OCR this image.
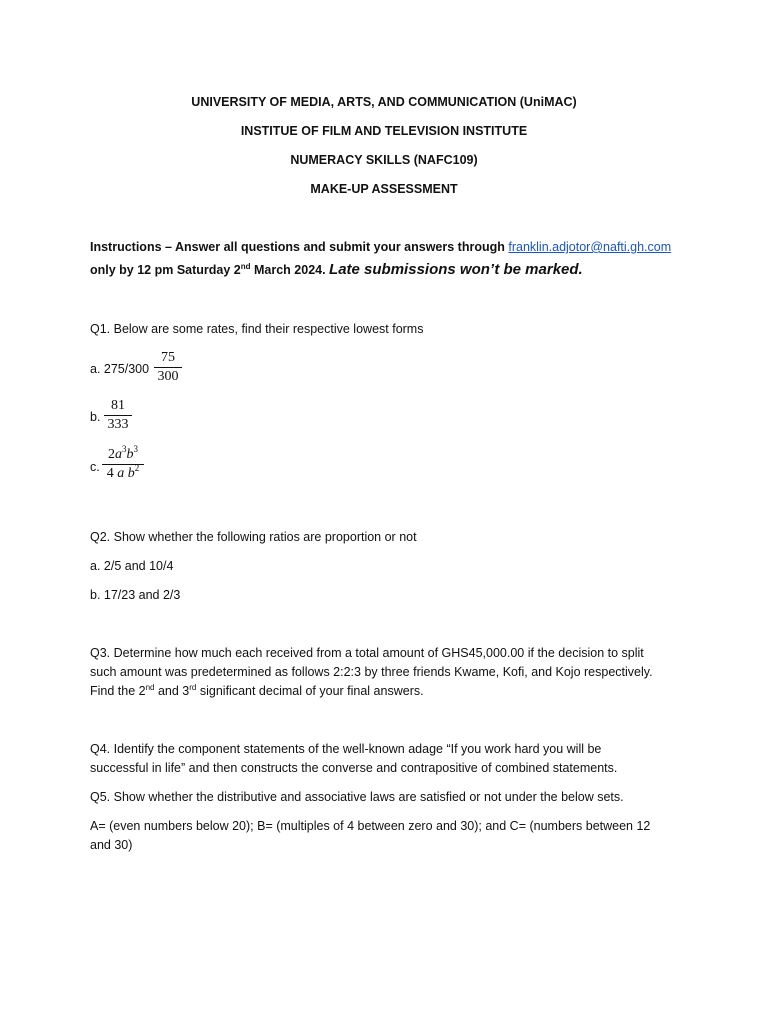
UNIVERSITY OF MEDIA, ARTS, AND COMMUNICATION (UniMAC)
INSTITUE OF FILM AND TELEVISION INSTITUTE
NUMERACY SKILLS (NAFC109)
MAKE-UP ASSESSMENT
Instructions – Answer all questions and submit your answers through franklin.adjotor@nafti.gh.com
only by 12 pm Saturday 2nd March 2024. Late submissions won’t be marked.
Q1. Below are some rates, find their respective lowest forms
a. $275/300 \frac{75}{300}$
b. $\frac{81}{333}$
c. $\frac{2a^3b^3}{4 a b^2}$
Q2. Show whether the following ratios are proportion or not
a. 2/5 and 10/4
b. 17/23 and 2/3
Q3. Determine how much each received from a total amount of GHS45,000.00 if the decision to split
such amount was predetermined as follows 2:2:3 by three friends Kwame, Kofi, and Kojo respectively.
Find the 2nd and 3rd significant decimal of your final answers.
Q4. Identify the component statements of the well-known adage “If you work hard you will be
successful in life” and then constructs the converse and contrapositive of combined statements.
Q5. Show whether the distributive and associative laws are satisfied or not under the below sets.
A= (even numbers below 20); B= (multiples of 4 between zero and 30); and C= (numbers between 12
and 30)
